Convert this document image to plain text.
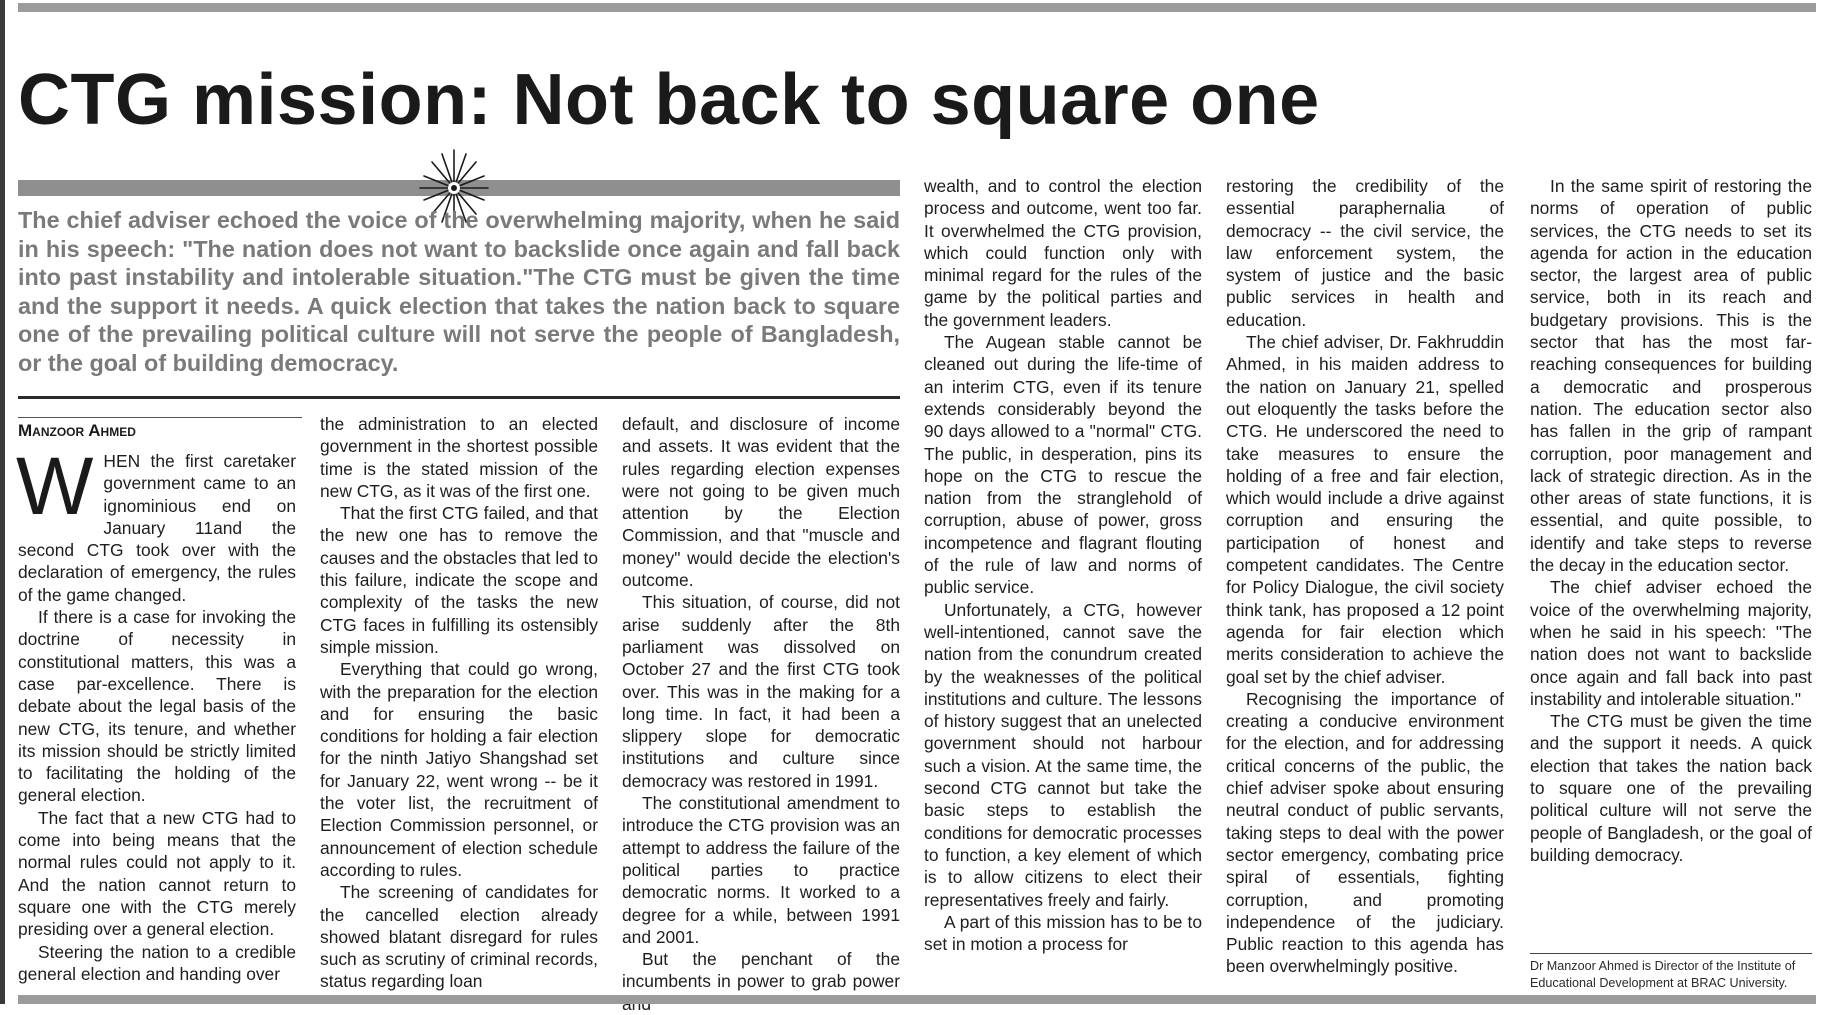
CTG mission: Not back to square one

The chief adviser echoed the voice of the overwhelming majority, when he said in his speech: "The nation does not want to backslide once again and fall back into past instability and intolerable situation."The CTG must be given the time and the support it needs. A quick election that takes the nation back to square one of the prevailing political culture will not serve the people of Bangladesh, or the goal of building democracy.

Manzoor Ahmed

WHEN the first caretaker government came to an ignominious end on January 11and the second CTG took over with the declaration of emergency, the rules of the game changed.

If there is a case for invoking the doctrine of necessity in constitutional matters, this was a case par-excellence. There is debate about the legal basis of the new CTG, its tenure, and whether its mission should be strictly limited to facilitating the holding of the general election.

The fact that a new CTG had to come into being means that the normal rules could not apply to it. And the nation cannot return to square one with the CTG merely presiding over a general election.

Steering the nation to a credible general election and handing over

the administration to an elected government in the shortest possible time is the stated mission of the new CTG, as it was of the first one.

That the first CTG failed, and that the new one has to remove the causes and the obstacles that led to this failure, indicate the scope and complexity of the tasks the new CTG faces in fulfilling its ostensibly simple mission.

Everything that could go wrong, with the preparation for the election and for ensuring the basic conditions for holding a fair election for the ninth Jatiyo Shangshad set for January 22, went wrong -- be it the voter list, the recruitment of Election Commission personnel, or announcement of election schedule according to rules.

The screening of candidates for the cancelled election already showed blatant disregard for rules such as scrutiny of criminal records, status regarding loan

default, and disclosure of income and assets. It was evident that the rules regarding election expenses were not going to be given much attention by the Election Commission, and that "muscle and money" would decide the election's outcome.

This situation, of course, did not arise suddenly after the 8th parliament was dissolved on October 27 and the first CTG took over. This was in the making for a long time. In fact, it had been a slippery slope for democratic institutions and culture since democracy was restored in 1991.

The constitutional amendment to introduce the CTG provision was an attempt to address the failure of the political parties to practice democratic norms. It worked to a degree for a while, between 1991 and 2001.

But the penchant of the incumbents in power to grab power

wealth, and to control the election process and outcome, went too far. It overwhelmed the CTG provision, which could function only with minimal regard for the rules of the game by the political parties and the government leaders.

The Augean stable cannot be cleaned out during the life-time of an interim CTG, even if its tenure extends considerably beyond the 90 days allowed to a "normal" CTG. The public, in desperation, pins its hope on the CTG to rescue the nation from the stranglehold of corruption, abuse of power, gross incompetence and flagrant flouting of the rule of law and norms of public service.

Unfortunately, a CTG, however well-intentioned, cannot save the nation from the conundrum created by the weaknesses of the political institutions and culture. The lessons of history suggest that an unelected government should not harbour such a vision. At the same time, the second CTG cannot but take the basic steps to establish the conditions for democratic processes to function, a key element of which is to allow citizens to elect their representatives freely and fairly.

A part of this mission has to be to set in motion a process for

restoring the credibility of the essential paraphernalia of democracy -- the civil service, the law enforcement system, the system of justice and the basic public services in health and education.

The chief adviser, Dr. Fakhruddin Ahmed, in his maiden address to the nation on January 21, spelled out eloquently the tasks before the CTG. He underscored the need to take measures to ensure the holding of a free and fair election, which would include a drive against corruption and ensuring the participation of honest and competent candidates. The Centre for Policy Dialogue, the civil society think tank, has proposed a 12 point agenda for fair election which merits consideration to achieve the goal set by the chief adviser.

Recognising the importance of creating a conducive environment for the election, and for addressing critical concerns of the public, the chief adviser spoke about ensuring neutral conduct of public servants, taking steps to deal with the power sector emergency, combating price spiral of essentials, fighting corruption, and promoting independence of the judiciary. Public reaction to this agenda has been overwhelmingly positive.

In the same spirit of restoring the norms of operation of public services, the CTG needs to set its agenda for action in the education sector, the largest area of public service, both in its reach and budgetary provisions. This is the sector that has the most far-reaching consequences for building a democratic and prosperous nation. The education sector also has fallen in the grip of rampant corruption, poor management and lack of strategic direction. As in the other areas of state functions, it is essential, and quite possible, to identify and take steps to reverse the decay in the education sector.

The chief adviser echoed the voice of the overwhelming majority, when he said in his speech: "The nation does not want to backslide once again and fall back into past instability and intolerable situation."

The CTG must be given the time and the support it needs. A quick election that takes the nation back to square one of the prevailing political culture will not serve the people of Bangladesh, or the goal of building democracy.

Dr Manzoor Ahmed is Director of the Institute of Educational Development at BRAC University.
